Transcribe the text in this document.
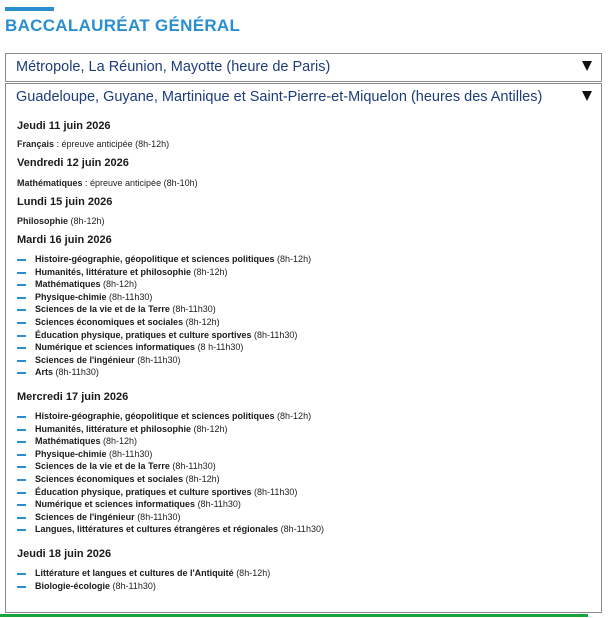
BACCALAURÉAT GÉNÉRAL
Métropole, La Réunion, Mayotte (heure de Paris)
Guadeloupe, Guyane, Martinique et Saint-Pierre-et-Miquelon (heures des Antilles)
Jeudi 11 juin 2026
Français : épreuve anticipée (8h-12h)
Vendredi 12 juin 2026
Mathématiques : épreuve anticipée (8h-10h)
Lundi 15 juin 2026
Philosophie (8h-12h)
Mardi 16 juin 2026
Histoire-géographie, géopolitique et sciences politiques (8h-12h)
Humanités, littérature et philosophie (8h-12h)
Mathématiques (8h-12h)
Physique-chimie (8h-11h30)
Sciences de la vie et de la Terre (8h-11h30)
Sciences économiques et sociales (8h-12h)
Éducation physique, pratiques et culture sportives (8h-11h30)
Numérique et sciences informatiques (8 h-11h30)
Sciences de l'ingénieur (8h-11h30)
Arts (8h-11h30)
Mercredi 17 juin 2026
Histoire-géographie, géopolitique et sciences politiques (8h-12h)
Humanités, littérature et philosophie (8h-12h)
Mathématiques (8h-12h)
Physique-chimie (8h-11h30)
Sciences de la vie et de la Terre (8h-11h30)
Sciences économiques et sociales (8h-12h)
Éducation physique, pratiques et culture sportives (8h-11h30)
Numérique et sciences informatiques (8h-11h30)
Sciences de l'ingénieur (8h-11h30)
Langues, littératures et cultures étrangères et régionales (8h-11h30)
Jeudi 18 juin 2026
Littérature et langues et cultures de l'Antiquité (8h-12h)
Biologie-écologie (8h-11h30)
